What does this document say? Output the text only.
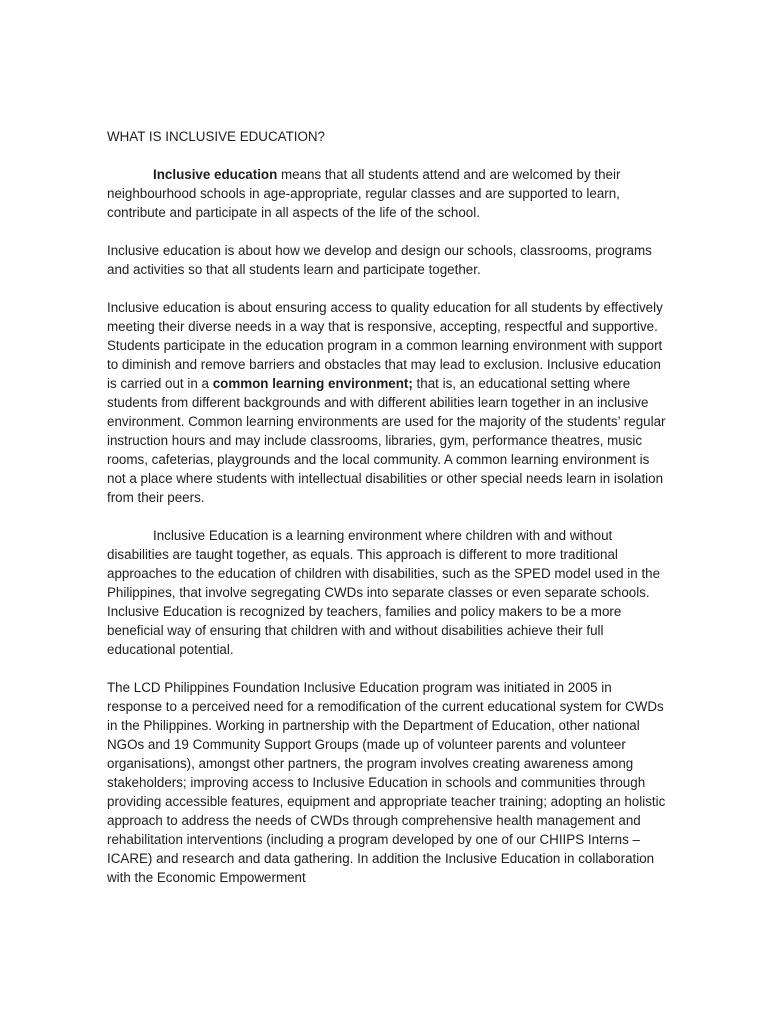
WHAT IS INCLUSIVE EDUCATION?

Inclusive education means that all students attend and are welcomed by their neighbourhood schools in age-appropriate, regular classes and are supported to learn, contribute and participate in all aspects of the life of the school.

Inclusive education is about how we develop and design our schools, classrooms, programs and activities so that all students learn and participate together.

Inclusive education is about ensuring access to quality education for all students by effectively meeting their diverse needs in a way that is responsive, accepting, respectful and supportive. Students participate in the education program in a common learning environment with support to diminish and remove barriers and obstacles that may lead to exclusion. Inclusive education is carried out in a common learning environment; that is, an educational setting where students from different backgrounds and with different abilities learn together in an inclusive environment. Common learning environments are used for the majority of the students’ regular instruction hours and may include classrooms, libraries, gym, performance theatres, music rooms, cafeterias, playgrounds and the local community. A common learning environment is not a place where students with intellectual disabilities or other special needs learn in isolation from their peers.

Inclusive Education is a learning environment where children with and without disabilities are taught together, as equals. This approach is different to more traditional approaches to the education of children with disabilities, such as the SPED model used in the Philippines, that involve segregating CWDs into separate classes or even separate schools. Inclusive Education is recognized by teachers, families and policy makers to be a more beneficial way of ensuring that children with and without disabilities achieve their full educational potential.

The LCD Philippines Foundation Inclusive Education program was initiated in 2005 in response to a perceived need for a remodification of the current educational system for CWDs in the Philippines. Working in partnership with the Department of Education, other national NGOs and 19 Community Support Groups (made up of volunteer parents and volunteer organisations), amongst other partners, the program involves creating awareness among stakeholders; improving access to Inclusive Education in schools and communities through providing accessible features, equipment and appropriate teacher training; adopting an holistic approach to address the needs of CWDs through comprehensive health management and rehabilitation interventions (including a program developed by one of our CHIIPS Interns – ICARE) and research and data gathering. In addition the Inclusive Education in collaboration with the Economic Empowerment
